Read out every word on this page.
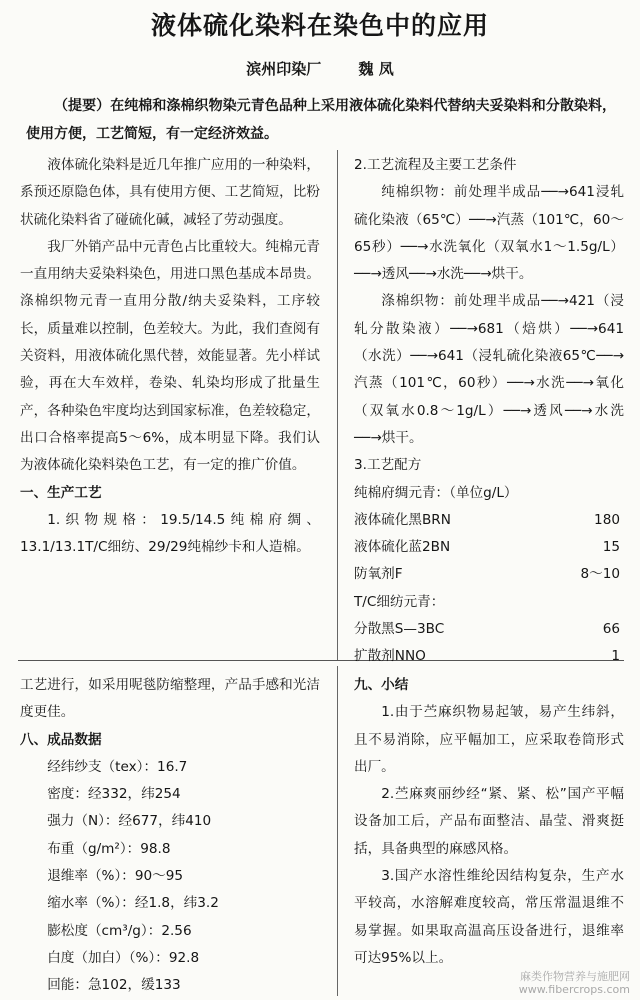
液体硫化染料在染色中的应用
滨州印染厂 魏 凤

（提要）在纯棉和涤棉织物染元青色品种上采用液体硫化染料代替纳夫妥染料和分散染料，使用方便，工艺简短，有一定经济效益。

液体硫化染料是近几年推广应用的一种染料，系预还原隐色体，具有使用方便、工艺简短，比粉状硫化染料省了碰硫化碱，减轻了劳动强度。

我厂外销产品中元青色占比重较大。纯棉元青一直用纳夫妥染料染色，用进口黑色基成本昂贵。涤棉织物元青一直用分散/纳夫妥染料，工序较长，质量难以控制，色差较大。为此，我们查阅有关资料，用液体硫化黑代替，效能显著。先小样试验，再在大车效样，卷染、轧染均形成了批量生产，各种染色牢度均达到国家标准，色差较稳定，出口合格率提高5～6%，成本明显下降。我们认为液体硫化染料染色工艺，有一定的推广价值。

一、生产工艺

1.织物规格：19.5/14.5纯棉府绸、13.1/13.1T/C细纺、29/29纯棉纱卡和人造棉。

2.工艺流程及主要工艺条件

纯棉织物：前处理半成品──→641浸轧硫化染液（65℃）──→汽蒸（101℃，60～65秒）──→水洗氧化（双氧水1～1.5g/L）──→透风──→水洗──→烘干。

涤棉织物：前处理半成品──→421（浸轧分散染液）──→681（焙烘）──→641（水洗）──→641（浸轧硫化染液65℃──→汽蒸（101℃，60秒）──→水洗──→氧化（双氧水0.8～1g/L）──→透风──→水洗──→烘干。

3.工艺配方

纯棉府绸元青：（单位g/L）

液体硫化黑BRN	180
液体硫化蓝2BN	15
防氧剂F	8～10

T/C细纺元青：

分散黑S—3BC	66
扩散剂NNO	1

工艺进行，如采用呢毯防缩整理，产品手感和光洁度更佳。

八、成品数据

经纬纱支（tex）：16.7

密度：经332，纬254

强力（N）：经677，纬410

布重（g/m²）：98.8

退维率（%）：90～95

缩水率（%）：经1.8，纬3.2

膨松度（cm³/g）：2.56

白度（加白）（%）：92.8

回能：急102，缓133

九、小结

1.由于苎麻织物易起皱，易产生纬斜，且不易消除，应平幅加工，应采取卷筒形式出厂。

2.苎麻爽丽纱经“紧、紧、松”国产平幅设备加工后，产品布面整洁、晶莹、滑爽挺括，具备典型的麻感风格。

3.国产水溶性维纶因结构复杂，生产水平较高，水溶解难度较高，常压常温退维不易掌握。如果取高温高压设备进行，退维率可达95%以上。

麻类作物营养与施肥网
www.fibercrops.com
